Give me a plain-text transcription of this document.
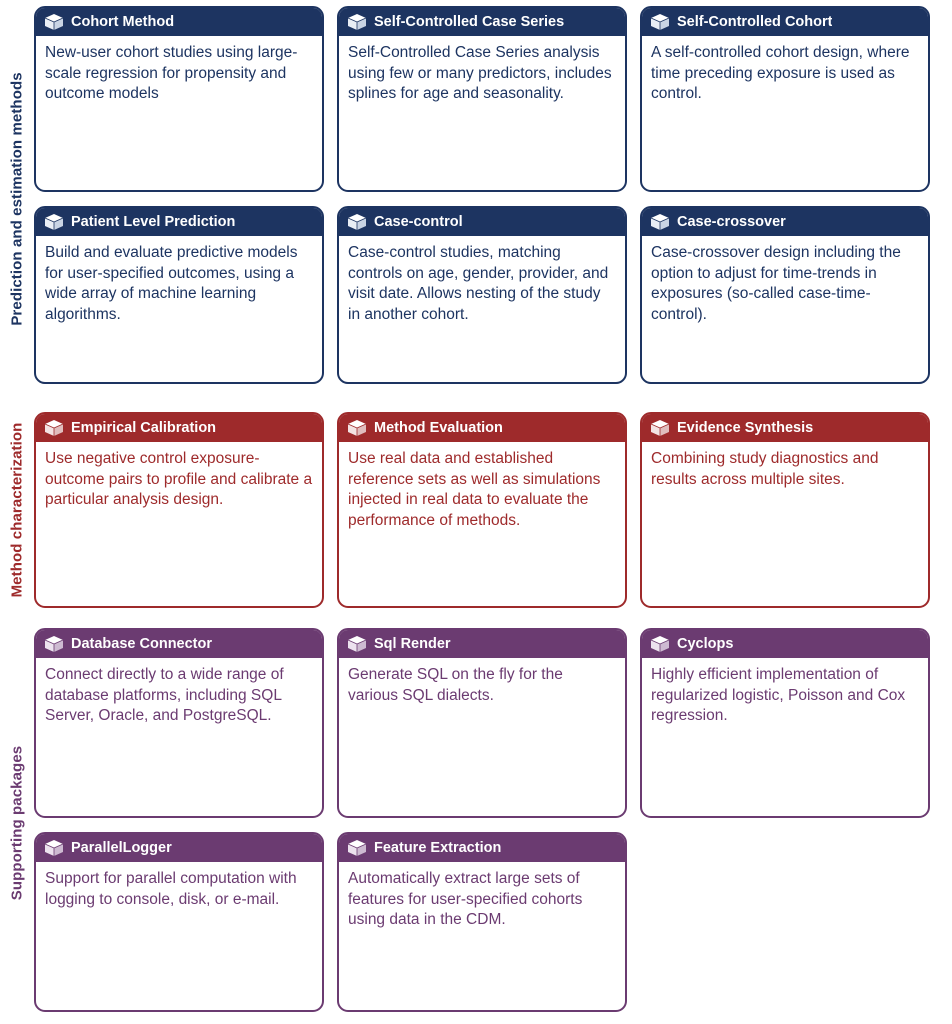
Prediction and estimation methods
Cohort Method
New-user cohort studies using large-scale regression for propensity and outcome models
Self-Controlled Case Series
Self-Controlled Case Series analysis using few or many predictors, includes splines for age and seasonality.
Self-Controlled Cohort
A self-controlled cohort design, where time preceding exposure is used as control.
Patient Level Prediction
Build and evaluate predictive models for user-specified outcomes, using a wide array of machine learning algorithms.
Case-control
Case-control studies, matching controls on age, gender, provider, and visit date. Allows nesting of the study in another cohort.
Case-crossover
Case-crossover design including the option to adjust for time-trends in exposures (so-called case-time-control).
Method characterization	Empirical Calibration
Use negative control exposure-outcome pairs to profile and calibrate a particular analysis design.
Method Evaluation
Use real data and established reference sets as well as simulations injected in real data to evaluate the performance of methods.
Evidence Synthesis
Combining study diagnostics and results across multiple sites.
Supporting packages
Database Connector
Connect directly to a wide range of database platforms, including SQL Server, Oracle, and PostgreSQL.
Sql Render
Generate SQL on the fly for the various SQL dialects.
Cyclops
Highly efficient implementation of regularized logistic, Poisson and Cox regression.
ParallelLogger
Support for parallel computation with logging to console, disk, or e-mail.
Feature Extraction
Automatically extract large sets of features for user-specified cohorts using data in the CDM.
